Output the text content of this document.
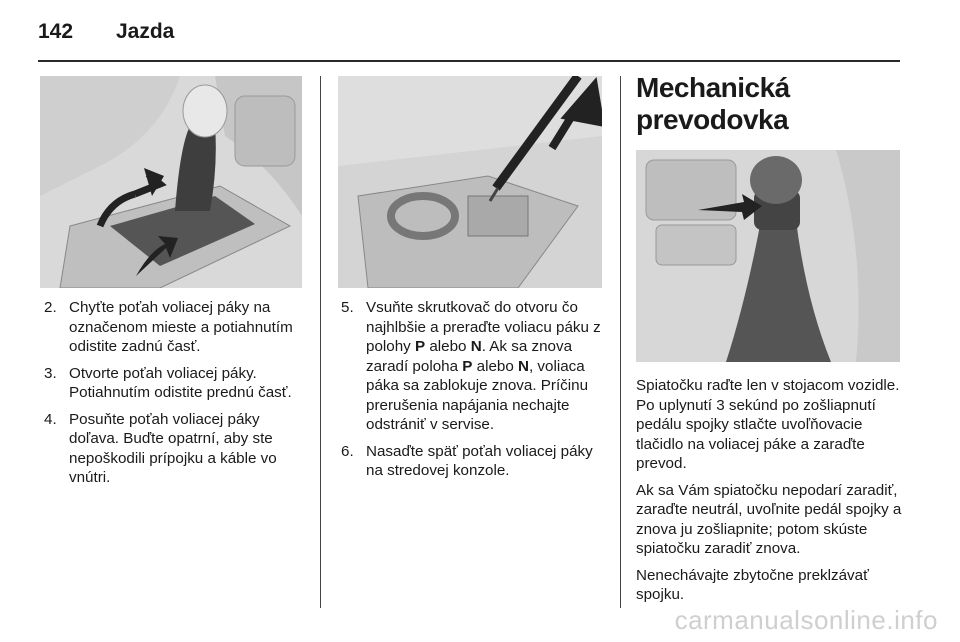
142 Jazda
2. Chyťte poťah voliacej páky na označenom mieste a potiahnutím odistite zadnú časť.
3. Otvorte poťah voliacej páky. Potiahnutím odistite prednú časť.
4. Posuňte poťah voliacej páky doľava. Buďte opatrní, aby ste nepoškodili prípojku a káble vo vnútri.
5. Vsuňte skrutkovač do otvoru čo najhlbšie a preraďte voliacu páku z polohy P alebo N. Ak sa znova zaradí poloha P alebo N, voliaca páka sa zablokuje znova. Príčinu prerušenia napájania nechajte odstrániť v servise.
6. Nasaďte späť poťah voliacej páky na stredovej konzole.
Mechanická
prevodovka

Spiatočku raďte len v stojacom vozidle. Po uplynutí 3 sekúnd po zošliapnutí pedálu spojky stlačte uvoľňovacie tlačidlo na voliacej páke a zaraďte prevod.

Ak sa Vám spiatočku nepodarí zaradiť, zaraďte neutrál, uvoľnite pedál spojky a znova ju zošliapnite; potom skúste spiatočku zaradiť znova.

Nenechávajte zbytočne preklzávať spojku.

carmanualsonline.info
